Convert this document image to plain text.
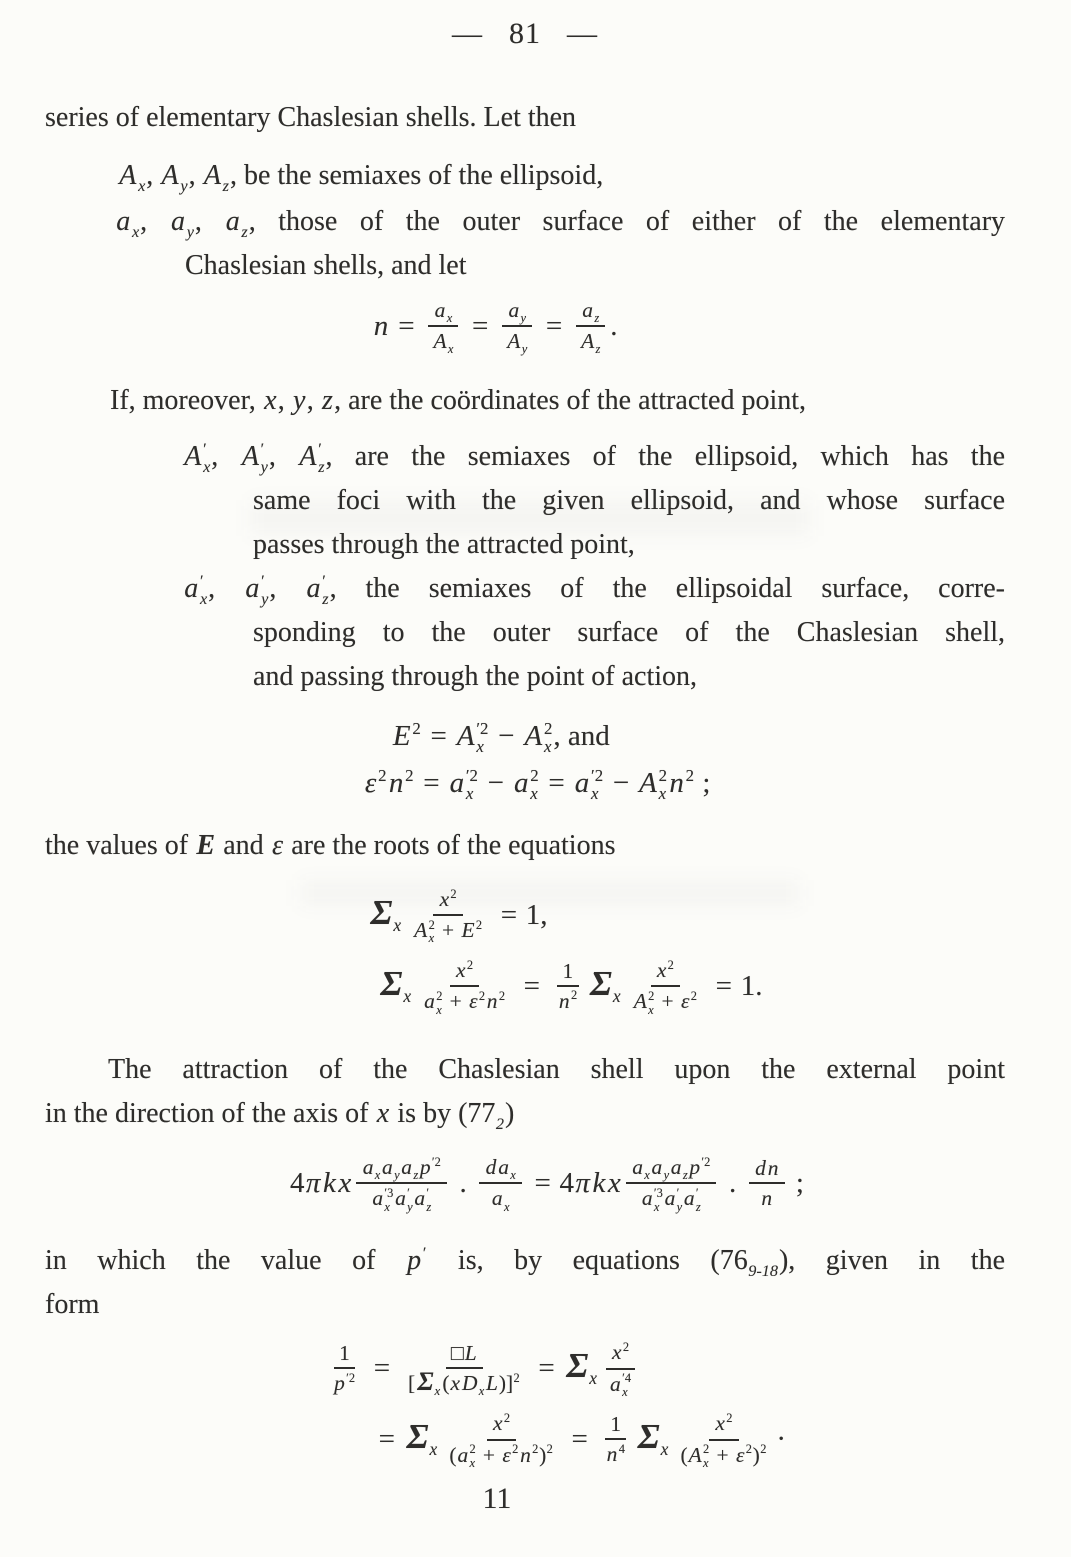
— 81 —
series of elementary Chaslesian shells. Let then
A x , A y , A z , be the semiaxes of the ellipsoid,
a x , a y , a z , those of the outer surface of either of the elementary
Chaslesian shells, and let
$n = \frac{\text{a x}}{\text{A x}} = \frac{\text{a y}}{\text{A y}} = \frac{\text{a z}}{\text{A z}}$ .
If, moreover, x, y, z, are the coördinates of the attracted point,
A ′
x , A ′
y , A ′
z , are the semiaxes of the ellipsoid, which has the
same foci with the given ellipsoid, and whose surface
passes through the attracted point,
a ′
x , a ′
y , a ′
z , the semiaxes of the ellipsoidal surface, corre-
sponding to the outer surface of the Chaslesian shell,
and passing through the point of action,
E 2 = A ′2
x − A 2
x , and
ε 2 n 2 = a ′2
x − a 2
x = a ′2
x − A 2
x n 2 ;
the values of E and ε are the roots of the equations
Σ x x 2
A 2
x + E 2 = 1,
Σ x x 2
a 2
x + ε 2 n $2 = \frac{1}{n 2}$ Σ x x 2
A 2
x + ε 2 = 1.
The attraction of the Chaslesian shell upon the external point
in the direction of the axis of x is by (77 2 )
4πkx
a x a y a z p ′2
a ′3
x a ′
y a ′
z
.
da x
a x
= 4πkx
a x a y a z p ′2
a ′3
x a ′
y a ′
z
. $\frac{dn}{n}$ ;
in which the value of p ′ is, by equations (76 9-18 ), given in the
form
$\frac{1}{p '2}$ =	□L
[ Σ x (xD x L)] 2 = Σ x x 2
a ′4
x
= Σ x x 2
(a 2
x + ε 2 n 2 ) $2 = \frac{1}{n 4}$ Σ x x 2
(A 2
x + ε 2 ) 2 ·
11
